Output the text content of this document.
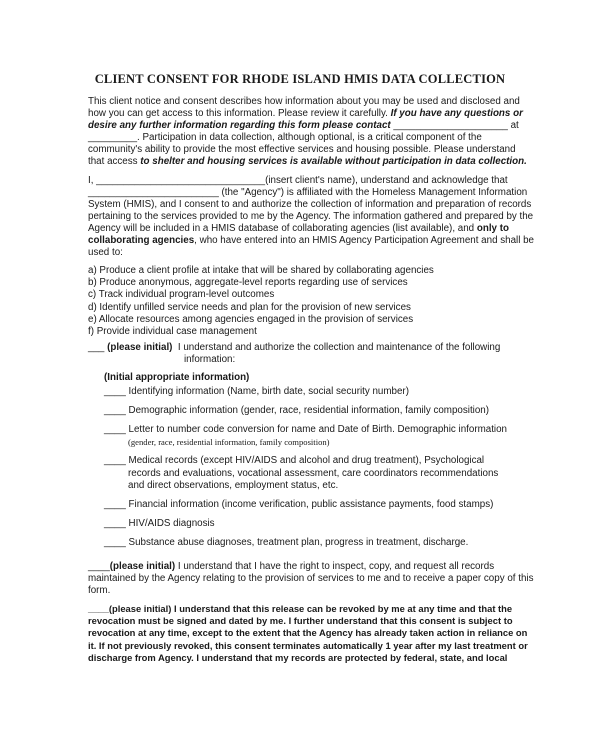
CLIENT CONSENT FOR RHODE ISLAND HMIS DATA COLLECTION

This client notice and consent describes how information about you may be used and disclosed and how you can get access to this information. Please review it carefully. If you have any questions or desire any further information regarding this form please contact _____________________ at _________. Participation in data collection, although optional, is a critical component of the community's ability to provide the most effective services and housing possible. Please understand that access to shelter and housing services is available without participation in data collection.

I, _______________________________(insert client's name), understand and acknowledge that ________________________ (the "Agency") is affiliated with the Homeless Management Information System (HMIS), and I consent to and authorize the collection of information and preparation of records pertaining to the services provided to me by the Agency. The information gathered and prepared by the Agency will be included in a HMIS database of collaborating agencies (list available), and only to collaborating agencies, who have entered into an HMIS Agency Participation Agreement and shall be used to:

a) Produce a client profile at intake that will be shared by collaborating agencies
b) Produce anonymous, aggregate-level reports regarding use of services
c) Track individual program-level outcomes
d) Identify unfilled service needs and plan for the provision of new services
e) Allocate resources among agencies engaged in the provision of services
f) Provide individual case management
___ (please initial) I understand and authorize the collection and maintenance of the following
information:
(Initial appropriate information)
____ Identifying information (Name, birth date, social security number)
____ Demographic information (gender, race, residential information, family composition)
____ Letter to number code conversion for name and Date of Birth. Demographic information
(gender, race, residential information, family composition)
____ Medical records (except HIV/AIDS and alcohol and drug treatment), Psychological
records and evaluations, vocational assessment, care coordinators recommendations
and direct observations, employment status, etc.
____ Financial information (income verification, public assistance payments, food stamps)
____ HIV/AIDS diagnosis
____ Substance abuse diagnoses, treatment plan, progress in treatment, discharge.

____(please initial) I understand that I have the right to inspect, copy, and request all records maintained by the Agency relating to the provision of services to me and to receive a paper copy of this form.

____(please initial) I understand that this release can be revoked by me at any time and that the revocation must be signed and dated by me. I further understand that this consent is subject to revocation at any time, except to the extent that the Agency has already taken action in reliance on it. If not previously revoked, this consent terminates automatically 1 year after my last treatment or discharge from Agency. I understand that my records are protected by federal, state, and local
